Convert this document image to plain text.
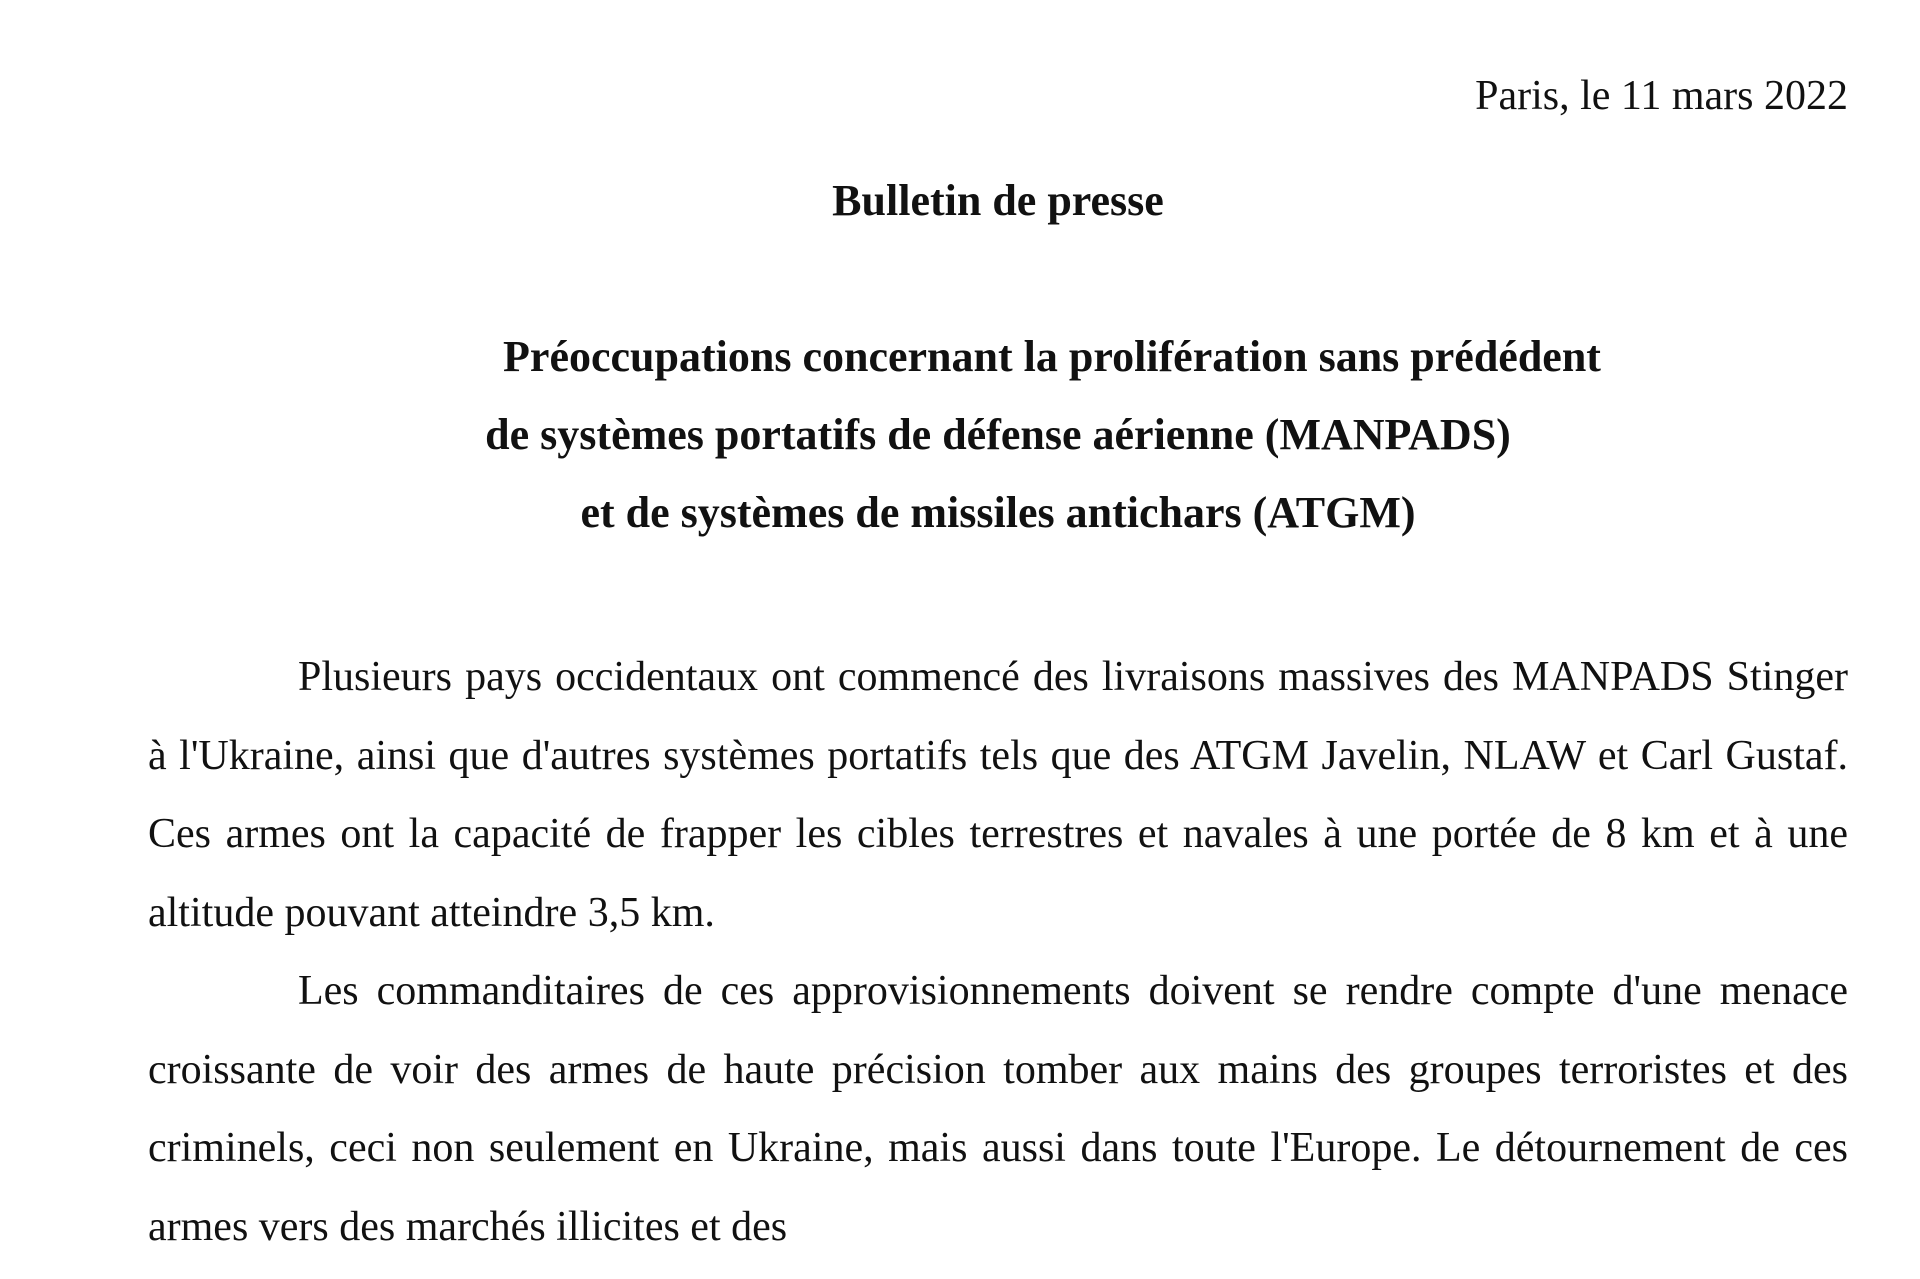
Paris, le 11 mars 2022
Bulletin de presse
Préoccupations concernant la prolifération sans prédédent
de systèmes portatifs de défense aérienne (MANPADS)
et de systèmes de missiles antichars (ATGM)

Plusieurs pays occidentaux ont commencé des livraisons massives des MANPADS Stinger à l'Ukraine, ainsi que d'autres systèmes portatifs tels que des ATGM Javelin, NLAW et Carl Gustaf. Ces armes ont la capacité de frapper les cibles terrestres et navales à une portée de 8 km et à une altitude pouvant atteindre 3,5 km.

Les commanditaires de ces approvisionnements doivent se rendre compte d'une menace croissante de voir des armes de haute précision tomber aux mains des groupes terroristes et des criminels, ceci non seulement en Ukraine, mais aussi dans toute l'Europe. Le détournement de ces armes vers des marchés illicites et des
